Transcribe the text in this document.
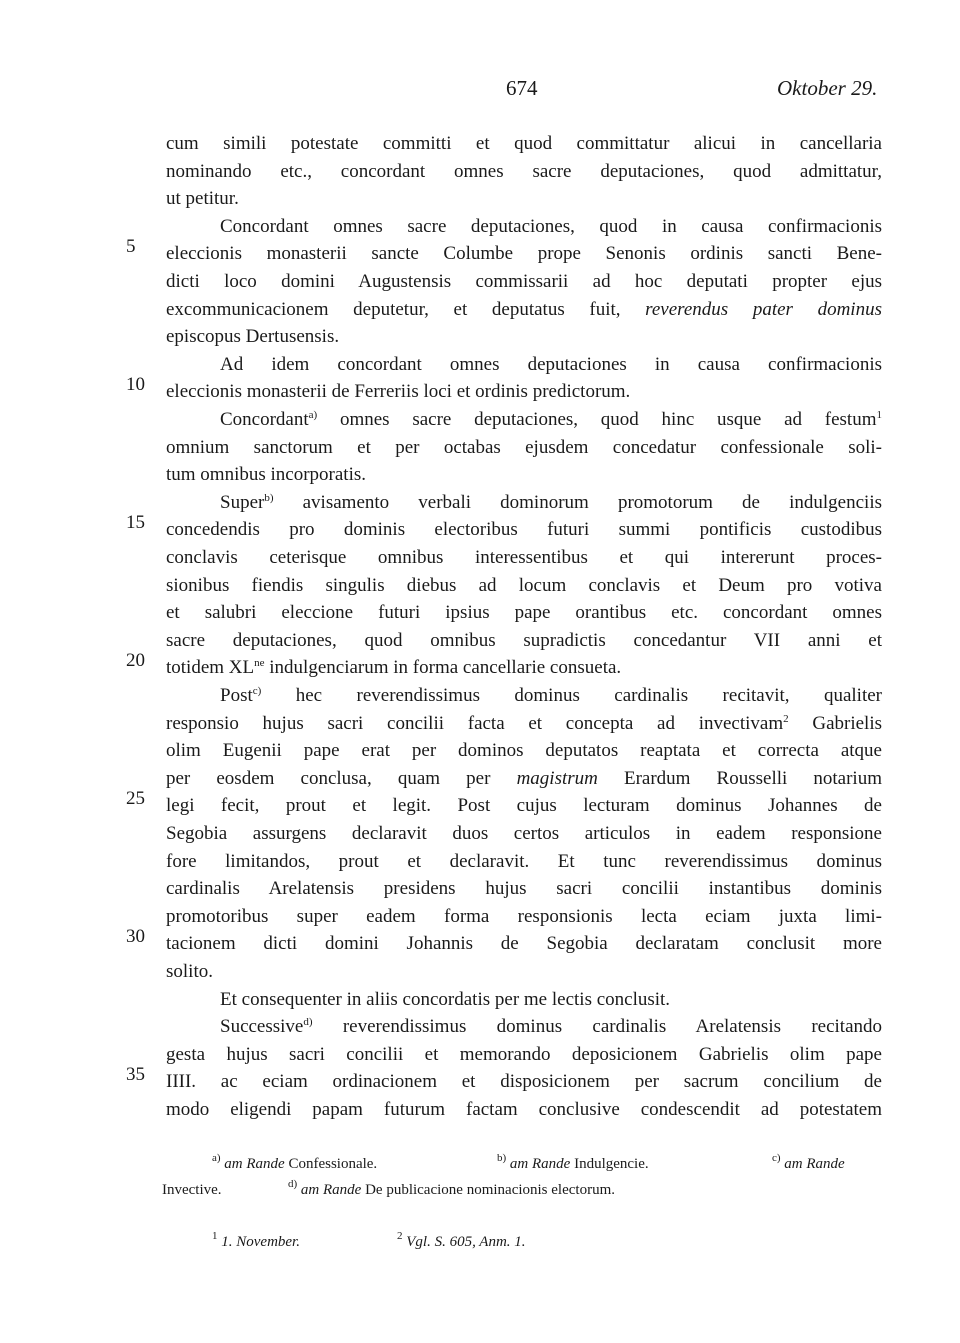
674	Oktober 29.
cum simili potestate committi et quod committatur alicui in cancellaria
nominando etc., concordant omnes sacre deputaciones, quod admittatur,
ut petitur.
Concordant omnes sacre deputaciones, quod in causa confirmacionis
eleccionis monasterii sancte Columbe prope Senonis ordinis sancti Bene-
dicti loco domini Augustensis commissarii ad hoc deputati propter ejus
excommunicacionem deputetur, et deputatus fuit, reverendus pater dominus
episcopus Dertusensis.
Ad idem concordant omnes deputaciones in causa confirmacionis
eleccionis monasterii de Ferreriis loci et ordinis predictorum.
Concordant$^{a)}$ omnes sacre deputaciones, quod hinc usque ad festum$^1$
omnium sanctorum et per octabas ejusdem concedatur confessionale soli-
tum omnibus incorporatis.
Super$^{b)}$ avisamento verbali dominorum promotorum de indulgenciis
concedendis pro dominis electoribus futuri summi pontificis custodibus
conclavis ceterisque omnibus interessentibus et qui intererunt proces-
sionibus fiendis singulis diebus ad locum conclavis et Deum pro votiva
et salubri eleccione futuri ipsius pape orantibus etc. concordant omnes
sacre deputaciones, quod omnibus supradictis concedantur VII anni et
totidem $XL^{ne}$ indulgenciarum in forma cancellarie consueta.
Post$^{c)}$ hec reverendissimus dominus cardinalis recitavit, qualiter
responsio hujus sacri concilii facta et concepta ad invectivam$^2$ Gabrielis
olim Eugenii pape erat per dominos deputatos reaptata et correcta atque
per eosdem conclusa, quam per magistrum Erardum Rousselli notarium
legi fecit, prout et legit. Post cujus lecturam dominus Johannes de
Segobia assurgens declaravit duos certos articulos in eadem responsione
fore limitandos, prout et declaravit. Et tunc reverendissimus dominus
cardinalis Arelatensis presidens hujus sacri concilii instantibus dominis
promotoribus super eadem forma responsionis lecta eciam juxta limi-
tacionem dicti domini Johannis de Segobia declaratam conclusit more
solito.
Et consequenter in aliis concordatis per me lectis conclusit.
Successive$^{d)}$ reverendissimus dominus cardinalis Arelatensis recitando
gesta hujus sacri concilii et memorando deposicionem Gabrielis olim pape
IIII. ac eciam ordinacionem et disposicionem per sacrum concilium de
modo eligendi papam futurum factam conclusive condescendit ad potestatem
5
10
15
20
25
30
35
$^{a)}$ am Rande Confessionale.	$^{b)}$ am Rande Indulgencie.	$^{c)}$ am Rande
Invective.	$^{d)}$ am Rande De publicacione nominacionis electorum.
$^1$ 1. November.	$^2$ Vgl. S. 605, Anm. 1.
